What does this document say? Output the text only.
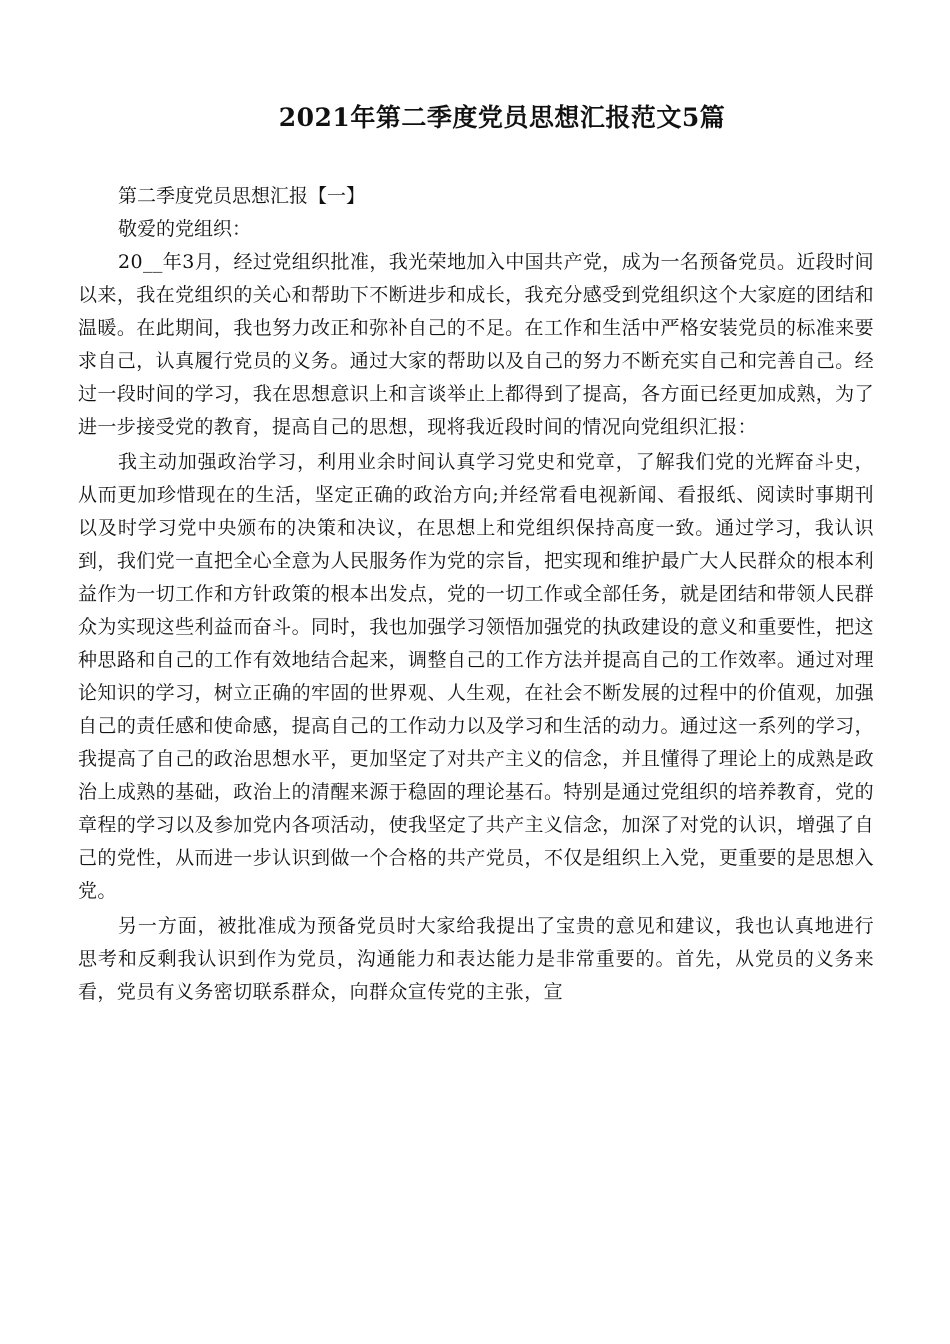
2021年第二季度党员思想汇报范文5篇

第二季度党员思想汇报【一】

敬爱的党组织：

20__年3月，经过党组织批准，我光荣地加入中国共产党，成为一名预备党员。近段时间以来，我在党组织的关心和帮助下不断进步和成长，我充分感受到党组织这个大家庭的团结和温暖。在此期间，我也努力改正和弥补自己的不足。在工作和生活中严格安装党员的标准来要求自己，认真履行党员的义务。通过大家的帮助以及自己的努力不断充实自己和完善自己。经过一段时间的学习，我在思想意识上和言谈举止上都得到了提高，各方面已经更加成熟，为了进一步接受党的教育，提高自己的思想，现将我近段时间的情况向党组织汇报：

我主动加强政治学习，利用业余时间认真学习党史和党章，了解我们党的光辉奋斗史，从而更加珍惜现在的生活，坚定正确的政治方向;并经常看电视新闻、看报纸、阅读时事期刊以及时学习党中央颁布的决策和决议，在思想上和党组织保持高度一致。通过学习，我认识到，我们党一直把全心全意为人民服务作为党的宗旨，把实现和维护最广大人民群众的根本利益作为一切工作和方针政策的根本出发点，党的一切工作或全部任务，就是团结和带领人民群众为实现这些利益而奋斗。同时，我也加强学习领悟加强党的执政建设的意义和重要性，把这种思路和自己的工作有效地结合起来，调整自己的工作方法并提高自己的工作效率。通过对理论知识的学习，树立正确的牢固的世界观、人生观，在社会不断发展的过程中的价值观，加强自己的责任感和使命感，提高自己的工作动力以及学习和生活的动力。通过这一系列的学习，我提高了自己的政治思想水平，更加坚定了对共产主义的信念，并且懂得了理论上的成熟是政治上成熟的基础，政治上的清醒来源于稳固的理论基石。特别是通过党组织的培养教育，党的章程的学习以及参加党内各项活动，使我坚定了共产主义信念，加深了对党的认识，增强了自己的党性，从而进一步认识到做一个合格的共产党员，不仅是组织上入党，更重要的是思想入党。

另一方面，被批准成为预备党员时大家给我提出了宝贵的意见和建议，我也认真地进行思考和反剩我认识到作为党员，沟通能力和表达能力是非常重要的。首先，从党员的义务来看，党员有义务密切联系群众，向群众宣传党的主张，宣
